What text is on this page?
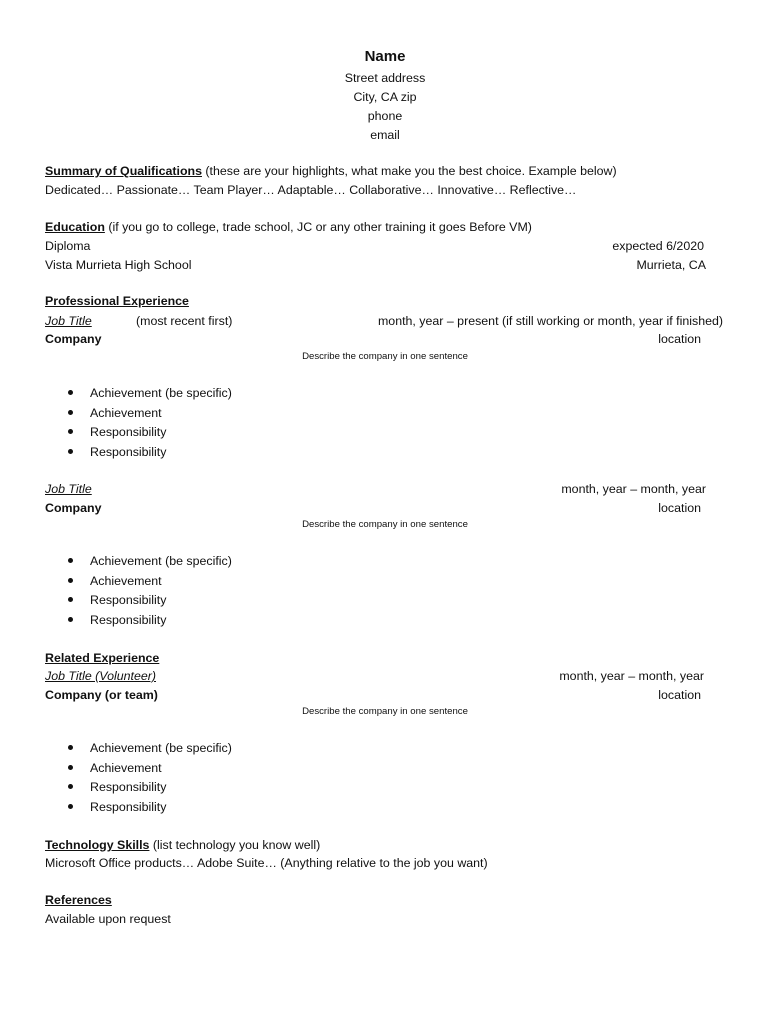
Name
Street address
City, CA zip
phone
email
Summary of Qualifications (these are your highlights, what make you the best choice. Example below)
Dedicated… Passionate… Team Player… Adaptable… Collaborative… Innovative… Reflective…
Education (if you go to college, trade school, JC or any other training it goes Before VM)
Diploma	expected 6/2020
Vista Murrieta High School	Murrieta, CA
Professional Experience
Job Title	(most recent first)	month, year – present (if still working or month, year if finished)
Company	location
Describe the company in one sentence
Achievement (be specific)
Achievement
Responsibility
Responsibility
Job Title	month, year – month, year
Company	location
Describe the company in one sentence
Achievement (be specific)
Achievement
Responsibility
Responsibility
Related Experience
Job Title (Volunteer)	month, year – month, year
Company (or team)	location
Describe the company in one sentence
Achievement (be specific)
Achievement
Responsibility
Responsibility
Technology Skills (list technology you know well)
Microsoft Office products… Adobe Suite… (Anything relative to the job you want)
References
Available upon request
